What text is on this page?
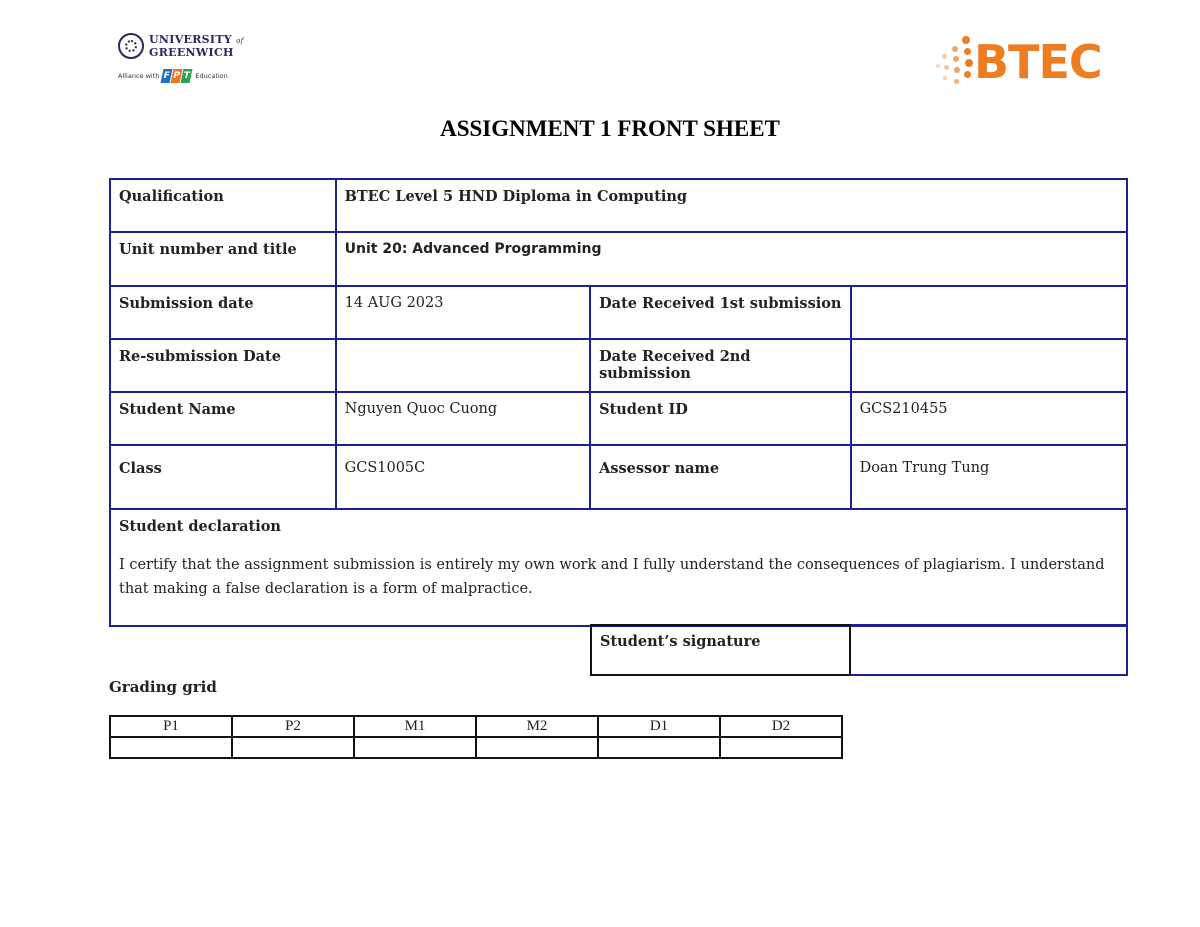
UNIVERSITY of
GREENWICH
Alliance with F P T Education	BTEC
ASSIGNMENT 1 FRONT SHEET
Qualification	BTEC Level 5 HND Diploma in Computing		
Unit number and title	Unit 20: Advanced Programming		
Submission date	14 AUG 2023	Date Received 1st submission	
Re-submission Date		Date Received 2nd submission	
Student Name	Nguyen Quoc Cuong	Student ID	GCS210455
Class	GCS1005C	Assessor name	Doan Trung Tung

Student declaration
I certify that the assignment submission is entirely my own work and I fully understand the consequences of plagiarism. I understand that making a false declaration is a form of malpractice.			
Student’s signature
Grading grid
P1	P2	M1	M2	D1	D2
